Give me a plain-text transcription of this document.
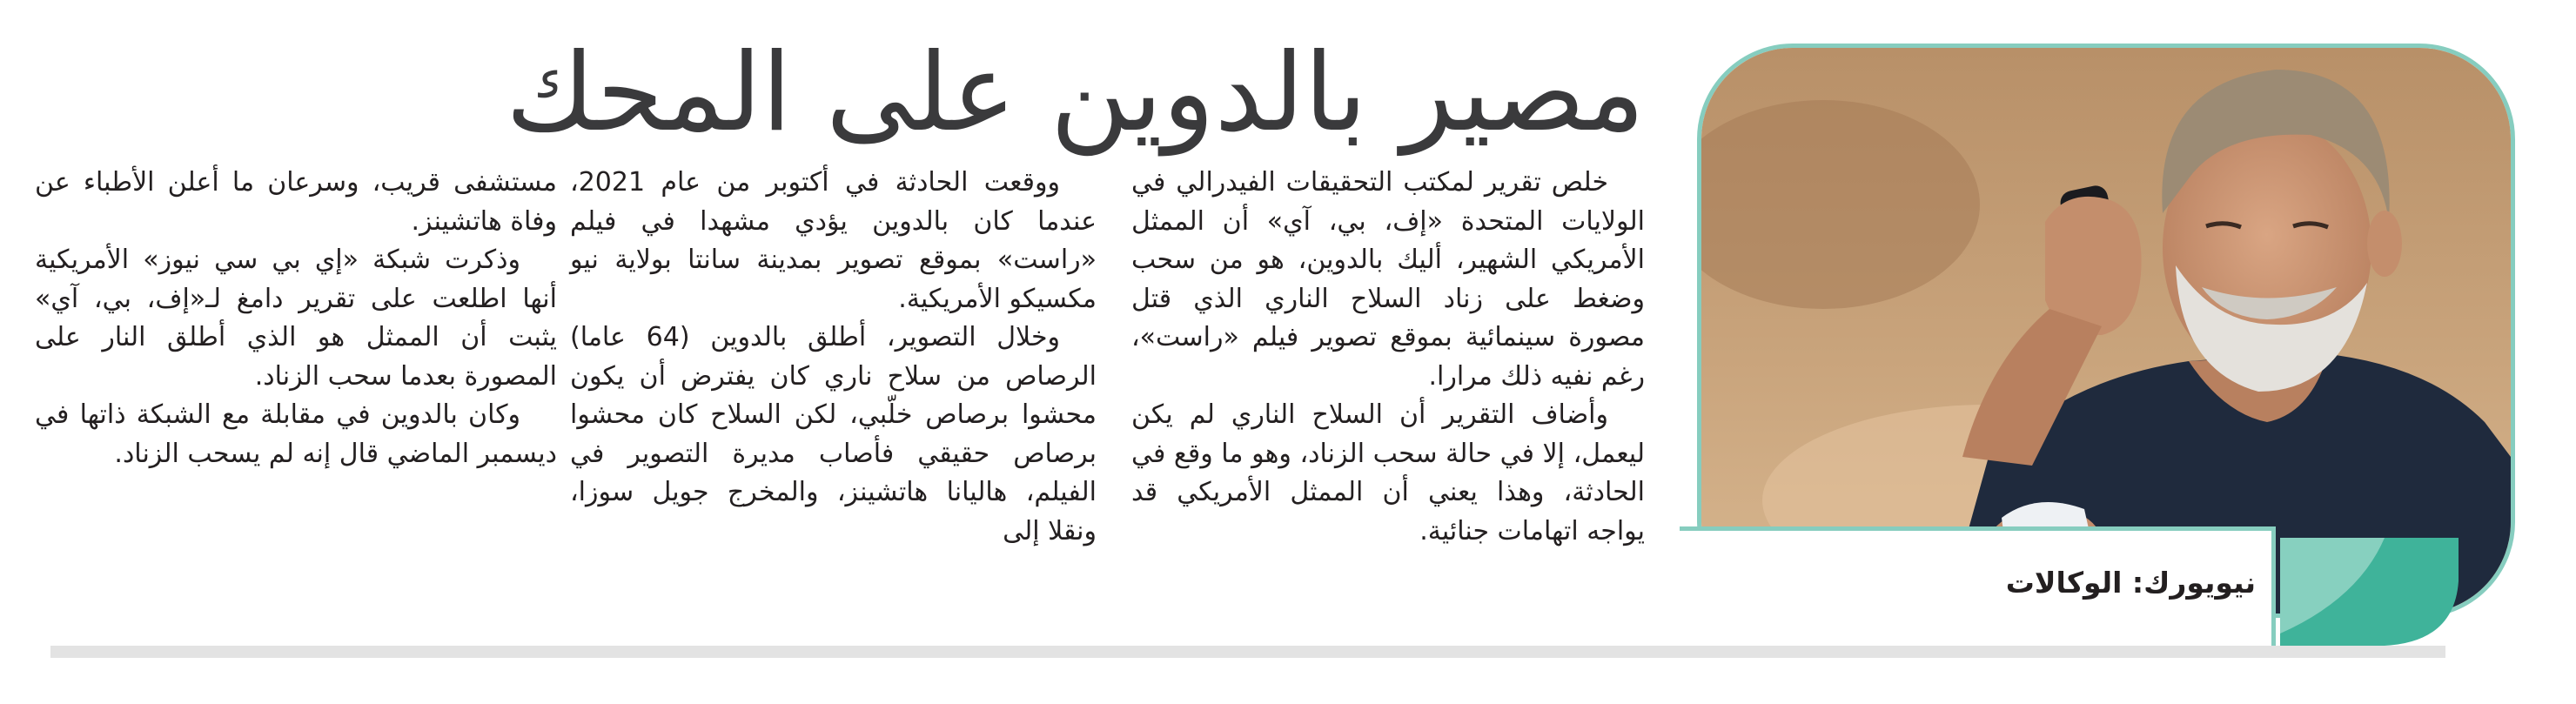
مصير بالدوين على المحك

خلص تقرير لمكتب التحقيقات الفيدرالي في الولايات المتحدة «إف، بي، آي» أن الممثل الأمريكي الشهير، أليك بالدوين، هو من سحب وضغط على زناد السلاح الناري الذي قتل مصورة سينمائية بموقع تصوير فيلم «راست»، رغم نفيه ذلك مرارا.

وأضاف التقرير أن السلاح الناري لم يكن ليعمل، إلا في حالة سحب الزناد، وهو ما وقع في الحادثة، وهذا يعني أن الممثل الأمريكي قد يواجه اتهامات جنائية.

ووقعت الحادثة في أكتوبر من عام 2021، عندما كان بالدوين يؤدي مشهدا في فيلم «راست» بموقع تصوير بمدينة سانتا بولاية نيو مكسيكو الأمريكية.

وخلال التصوير، أطلق بالدوين (64 عاما) الرصاص من سلاح ناري كان يفترض أن يكون محشوا برصاص خلّبي، لكن السلاح كان محشوا برصاص حقيقي فأصاب مديرة التصوير في الفيلم، هاليانا هاتشينز، والمخرج جويل سوزا، ونقلا إلى

مستشفى قريب، وسرعان ما أعلن الأطباء عن وفاة هاتشينز.

وذكرت شبكة «إي بي سي نيوز» الأمريكية أنها اطلعت على تقرير دامغ لـ«إف، بي، آي» يثبت أن الممثل هو الذي أطلق النار على المصورة بعدما سحب الزناد.

وكان بالدوين في مقابلة مع الشبكة ذاتها في ديسمبر الماضي قال إنه لم يسحب الزناد.

نيويورك: الوكالات
